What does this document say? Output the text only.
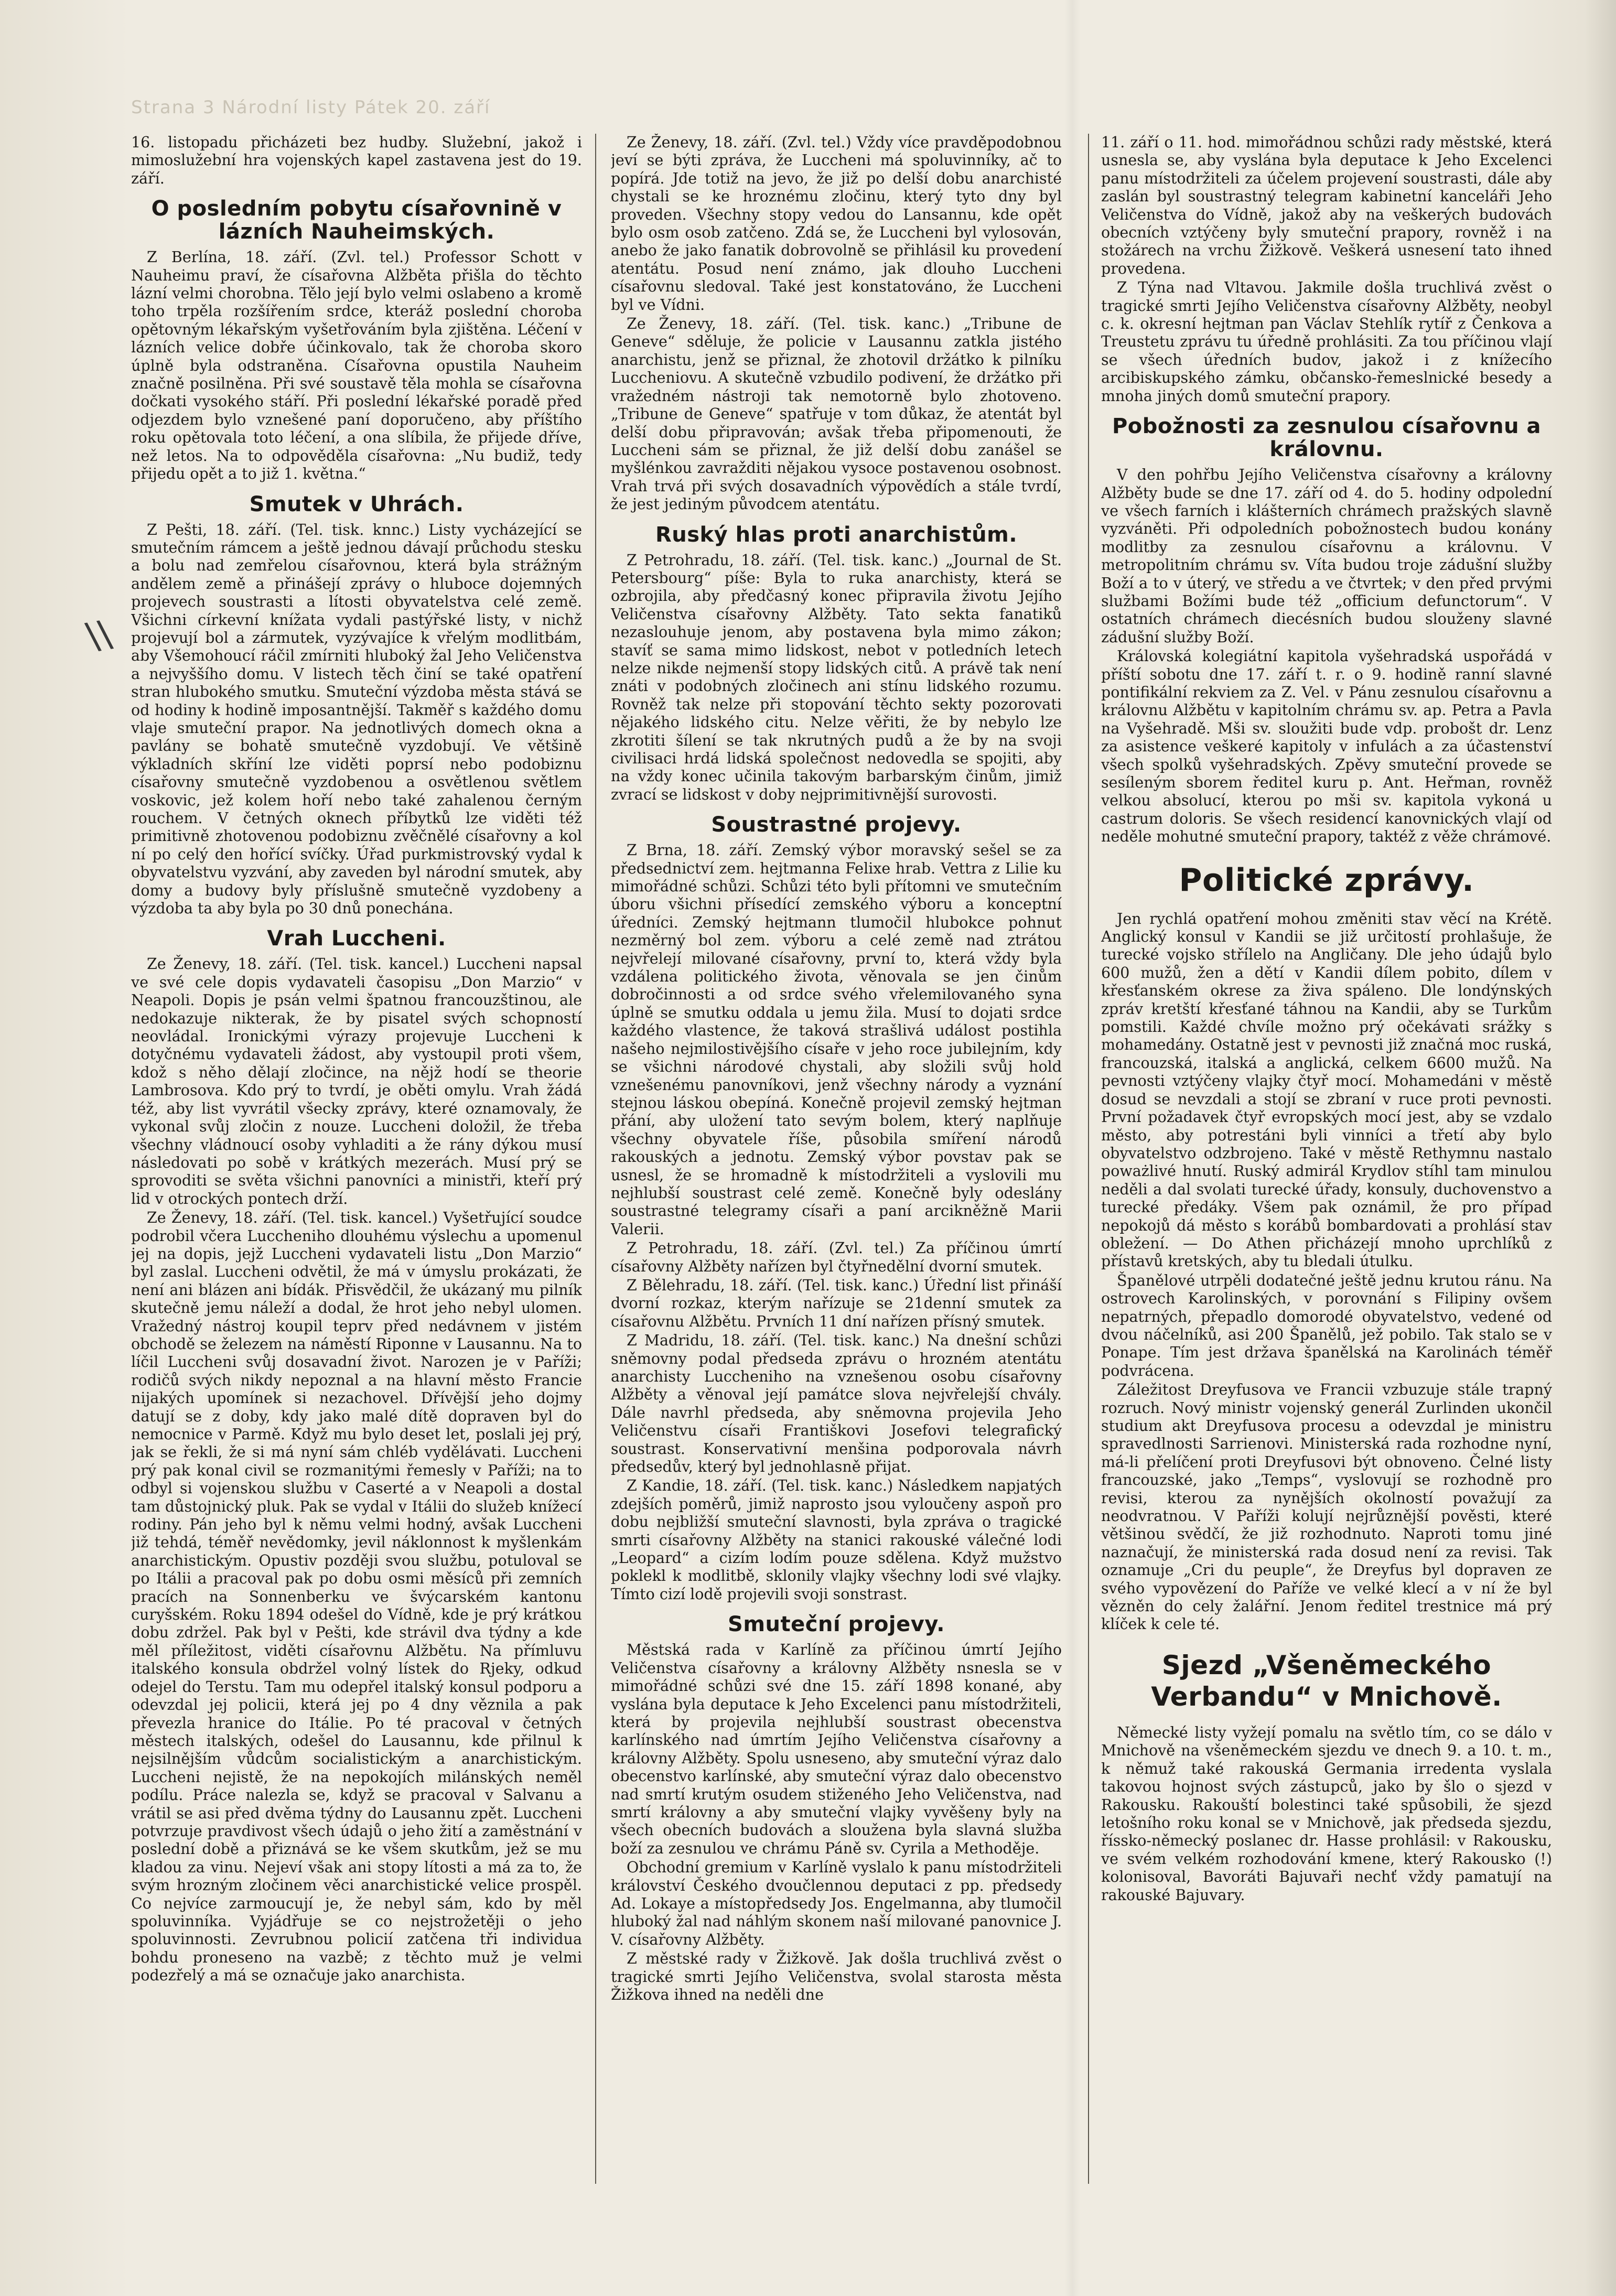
Strana 3 Národní listy Pátek 20. září
\\

16. listopadu přicházeti bez hudby. Služební, jakož i mimoslužební hra vojenských kapel zastavena jest do 19. září.

O posledním pobytu císařovnině v lázních Nauheimských.

Z Berlína, 18. září. (Zvl. tel.) Professor Schott v Nauheimu praví, že císařovna Alžběta přišla do těchto lázní velmi chorobna. Tělo její bylo velmi oslabeno a kromě toho trpěla rozšířením srdce, kteráž poslední choroba opětovným lékařským vyšetřováním byla zjištěna. Léčení v lázních velice dobře účinkovalo, tak že choroba skoro úplně byla odstraněna. Císařovna opustila Nauheim značně posilněna. Při své soustavě těla mohla se císařovna dočkati vysokého stáří. Při poslední lékařské poradě před odjezdem bylo vznešené paní doporučeno, aby příštího roku opětovala toto léčení, a ona slíbila, že přijede dříve, než letos. Na to odpověděla císařovna: „Nu budiž, tedy přijedu opět a to již 1. května.“

Smutek v Uhrách.

Z Pešti, 18. září. (Tel. tisk. knnc.) Listy vycházející se smutečním rámcem a ještě jednou dávají průchodu stesku a bolu nad zemřelou císařovnou, která byla strážným andělem země a přinášejí zprávy o hluboce dojemných projevech soustrasti a lítosti obyvatelstva celé země. Všichni církevní knížata vydali pastýřské listy, v nichž projevují bol a zármutek, vyzývajíce k vřelým modlitbám, aby Všemohoucí ráčil zmírniti hluboký žal Jeho Veličenstva a nejvyššího domu. V listech těch činí se také opatření stran hlubokého smutku. Smuteční výzdoba města stává se od hodiny k hodině imposantnější. Takměř s každého domu vlaje smuteční prapor. Na jednotlivých domech okna a pavlány se bohatě smutečně vyzdobují. Ve většině výkladních skříní lze viděti poprsí nebo podobiznu císařovny smutečně vyzdobenou a osvětlenou světlem voskovic, jež kolem hoří nebo také zahalenou černým rouchem. V četných oknech příbytků lze viděti též primitivně zhotovenou podobiznu zvěčnělé císařovny a kol ní po celý den hořící svíčky. Úřad purkmistrovský vydal k obyvatelstvu vyzvání, aby zaveden byl národní smutek, aby domy a budovy byly příslušně smutečně vyzdobeny a výzdoba ta aby byla po 30 dnů ponechána.

Vrah Luccheni.

Ze Ženevy, 18. září. (Tel. tisk. kancel.) Luccheni napsal ve své cele dopis vydavateli časopisu „Don Marzio“ v Neapoli. Dopis je psán velmi špatnou francouzštinou, ale nedokazuje nikterak, že by pisatel svých schopností neovládal. Ironickými výrazy projevuje Luccheni k dotyčnému vydavateli žádost, aby vystoupil proti všem, kdož s něho dělají zločince, na nějž hodí se theorie Lambrosova. Kdo prý to tvrdí, je oběti omylu. Vrah žádá též, aby list vyvrátil všecky zprávy, které oznamovaly, že vykonal svůj zločin z nouze. Luccheni doložil, že třeba všechny vládnoucí osoby vyhladiti a že rány dýkou musí následovati po sobě v krátkých mezerách. Musí prý se sprovoditi se světa všichni panovníci a ministři, kteří prý lid v otrockých pontech drží.

Ze Ženevy, 18. září. (Tel. tisk. kancel.) Vyšetřující soudce podrobil včera Lucchenihо dlouhému výslechu a upomenul jej na dopis, jejž Luccheni vydavateli listu „Don Marzio“ byl zaslal. Luccheni odvětil, že má v úmyslu prokázati, že není ani blázen ani bídák. Přisvědčil, že ukázaný mu pilník skutečně jemu náleží a dodal, že hrot jeho nebyl ulomen. Vražedný nástroj koupil teprv před nedávnem v jistém obchodě se železem na náměstí Riponne v Lausannu. Na to líčil Luccheni svůj dosavadní život. Narozen je v Paříži; rodičů svých nikdy nepoznal a na hlavní město Francie nijakých upomínek si nezachovel. Dřívější jeho dojmy datují se z doby, kdy jako malé dítě dopraven byl do nemocnice v Parmě. Když mu bylo deset let, poslali jej prý, jak se řekli, že si má nyní sám chléb vydělávati. Luccheni prý pak konal civil se rozmanitými řemesly v Paříži; na to odbyl si vojenskou službu v Caserté a v Neapoli a dostal tam důstojnický pluk. Pak se vydal v Itálii do služeb knížecí rodiny. Pán jeho byl k němu velmi hodný, avšak Luccheni již tehdá, téměř nevědomky, jevil náklonnost k myšlenkám anarchistickým. Opustiv později svou službu, potuloval se po Itálii a pracoval pak po dobu osmi měsíců při zemních pracích na Sonnenberku ve švýcarském kantonu curyšském. Roku 1894 odešel do Vídně, kde je prý krátkou dobu zdržel. Pak byl v Pešti, kde strávil dva týdny a kde měl příležitost, viděti císařovnu Alžbětu. Na přímluvu italského konsula obdržel volný lístek do Rjeky, odkud odejel do Terstu. Tam mu odepřel italský konsul podporu a odevzdal jej policii, která jej po 4 dny věznila a pak převezla hranice do Itálie. Po té pracoval v četných městech italských, odešel do Lausannu, kde přilnul k nejsilnějším vůdcům socialistickým a anarchistickým. Luccheni nejistě, že na nepokojích milánských neměl podílu. Práce nalezla se, když se pracoval v Salvanu a vrátil se asi před dvěma týdny do Lausannu zpět. Luccheni potvrzuje pravdivost všech údajů o jeho žití a zaměstnání v poslední době a přiznává se ke všem skutkům, jež se mu kladou za vinu. Nejeví však ani stopy lítosti a má za to, že svým hrozným zločinem věci anarchistické velice prospěl. Co nejvíce zarmoucují je, že nebyl sám, kdo by měl spoluvinníka. Vyjádřuje se co nejstrožetěji o jeho spoluvinnosti. Zevrubnou policií zatčena tři individua bohdu proneseno na vazbě; z těchto muž je velmi podezřelý a má se označuje jako anarchista.

Ze Ženevy, 18. září. (Zvl. tel.) Vždy více pravděpodobnou jeví se býti zpráva, že Luccheni má spoluvinníky, ač to popírá. Jde totiž na jevo, že již po delší dobu anarchisté chystali se ke hroznému zločinu, který tyto dny byl proveden. Všechny stopy vedou do Lansannu, kde opět bylo osm osob zatčeno. Zdá se, že Luccheni byl vylosován, anebo že jako fanatik dobrovolně se přihlásil ku provedení atentátu. Posud není známo, jak dlouho Luccheni císařovnu sledoval. Také jest konstatováno, že Luccheni byl ve Vídni.

Ze Ženevy, 18. září. (Tel. tisk. kanc.) „Tribune de Geneve“ sděluje, že policie v Lausannu zatkla jistého anarchistu, jenž se přiznal, že zhotovil držátko k pilníku Luccheniovu. A skutečně vzbudilo podivení, že držátko při vražedném nástroji tak nemotorně bylo zhotoveno. „Tribune de Geneve“ spatřuje v tom důkaz, že atentát byl delší dobu připravován; avšak třeba připomenouti, že Luccheni sám se přiznal, že již delší dobu zanášel se myšlénkou zavražditi nějakou vysoce postavenou osobnost. Vrah trvá při svých dosavadních výpovědích a stále tvrdí, že jest jediným původcem atentátu.

Ruský hlas proti anarchistům.

Z Petrohradu, 18. září. (Tel. tisk. kanc.) „Journal de St. Petersbourg“ píše: Byla to ruka anarchisty, která se ozbrojila, aby předčasný konec připravila životu Jejího Veličenstva císařovny Alžběty. Tato sekta fanatiků nezaslouhuje jenom, aby postavena byla mimo zákon; stavíť se sama mimo lidskost, nebot v potledních letech nelze nikde nejmenší stopy lidských citů. A právě tak není znáti v podobných zločinech ani stínu lidského rozumu. Rovněž tak nelze při stopování těchto sekty pozorovati nějakého lidského citu. Nelze věřiti, že by nebylo lze zkrotiti šílení se tak nkrutných pudů a že by na svoji civilisaci hrdá lidská společnost nedovedla se spojiti, aby na vždy konec učinila takovým barbarským činům, jimiž zvrací se lidskost v doby nejprimitivnější surovosti.

Soustrastné projevy.

Z Brna, 18. září. Zemský výbor moravský sešel se za předsednictví zem. hejtmanna Felixe hrab. Vettra z Lilie ku mimořádné schůzi. Schůzi této byli přítomni ve smutečním úboru všichni přísedící zemského výboru a konceptní úředníci. Zemský hejtmann tlumočil hlubokce pohnut nezměrný bol zem. výboru a celé země nad ztrátou nejvřelejí milované císařovny, první to, která vždy byla vzdálena politického života, věnovala se jen činům dobročinnosti a od srdce svého vřelemilovaného syna úplně se smutku oddala u jemu žila. Musí to dojati srdce každého vlastence, že taková strašlivá událost postihla našeho nejmilostivějšího císaře v jeho roce jubilejním, kdy se všichni národové chystali, aby složili svůj hold vznešenému panovníkovi, jenž všechny národy a vyznání stejnou láskou obepíná. Konečně projevil zemský hejtman přání, aby uložení tato sevým bolem, který naplňuje všechny obyvatele říše, působila smíření národů rakouských a jednotu. Zemský výbor povstav pak se usnesl, že se hromadně k místodržiteli a vyslovili mu nejhlubší soustrast celé země. Konečně byly odeslány soustrastné telegramy císaři a paní arcikněžně Marii Valerii.

Z Petrohradu, 18. září. (Zvl. tel.) Za příčinou úmrtí císařovny Alžběty nařízen byl čtyřnedělní dvorní smutek.

Z Bělehradu, 18. září. (Tel. tisk. kanc.) Úřední list přináší dvorní rozkaz, kterým nařízuje se 21denní smutek za císařovnu Alžbětu. Prvních 11 dní nařízen přísný smutek.

Z Madridu, 18. září. (Tel. tisk. kanc.) Na dnešní schůzi sněmovny podal předseda zprávu o hrozném atentátu anarchisty Lucchenihо na vznešenou osobu císařovny Alžběty a věnoval její památce slova nejvřelejší chvály. Dále navrhl předseda, aby sněmovna projevila Jeho Veličenstvu císaři Františkovi Josefovi telegrafický soustrast. Konservativní menšina podporovala návrh předsedův, který byl jednohlasně přijat.

Z Kandie, 18. září. (Tel. tisk. kanc.) Následkem napjatých zdejších poměrů, jimiž naprosto jsou vyloučeny aspoň pro dobu nejbližší smuteční slavnosti, byla zpráva o tragické smrti císařovny Alžběty na stanici rakouské válečné lodi „Leopard“ a cizím lodím pouze sdělena. Když mužstvo poklekl k modlitbě, sklonily vlajky všechny lodi své vlajky. Tímto cizí lodě projevili svoji sonstrast.

Smuteční projevy.

Městská rada v Karlíně za příčinou úmrtí Jejího Veličenstva císařovny a královny Alžběty nsnesla se v mimořádné schůzi své dne 15. září 1898 konané, aby vyslána byla deputace k Jeho Excelenci panu místodržiteli, která by projevila nejhlubší soustrast obecenstva karlínského nad úmrtím Jejího Veličenstva císařovny a královny Alžběty. Spolu usneseno, aby smuteční výraz dalo obecenstvo karlínské, aby smuteční výraz dalo obecenstvo nad smrtí krutým osudem stiženého Jeho Veličenstva, nad smrtí královny a aby smuteční vlajky vyvěšeny byly na všech obecních budovách a sloužena byla slavná služba boží za zesnulou ve chrámu Páně sv. Cyrila a Methoděje.

Obchodní gremium v Karlíně vyslalo k panu místodržiteli království Českého dvoučlennou deputaci z pp. předsedy Ad. Lokaye a místopředsedy Jos. Engelmanna, aby tlumočil hluboký žal nad náhlým skonem naší milované panovnice J. V. císařovny Alžběty.

Z městské rady v Žižkově. Jak došla truchlivá zvěst o tragické smrti Jejího Veličenstva, svolal starosta města Žižkova ihned na neděli dne

11. září o 11. hod. mimořádnou schůzi rady městské, která usnesla se, aby vyslána byla deputace k Jeho Excelenci panu místodržiteli za účelem projevení soustrasti, dále aby zaslán byl soustrastný telegram kabinetní kanceláři Jeho Veličenstva do Vídně, jakož aby na veškerých budovách obecních vztýčeny byly smuteční prapory, rovněž i na stožárech na vrchu Žižkově. Veškerá usnesení tato ihned provedena.

Z Týna nad Vltavou. Jakmile došla truchlivá zvěst o tragické smrti Jejího Veličenstva císařovny Alžběty, neobyl c. k. okresní hejtman pan Václav Stehlík rytíř z Čenkova a Treustetu zprávu tu úředně prohlásiti. Za tou příčinou vlají se všech úředních budov, jakož i z knížecího arcibiskupského zámku, občansko-řemeslnické besedy a mnoha jiných domů smuteční prapory.

Pobožnosti za zesnulou císařovnu a královnu.

V den pohřbu Jejího Veličenstva císařovny a královny Alžběty bude se dne 17. září od 4. do 5. hodiny odpolední ve všech farních i klášterních chrámech pražských slavně vyzváněti. Při odpoledních pobožnostech budou konány modlitby za zesnulou císařovnu a královnu. V metropolitním chrámu sv. Víta budou troje zádušní služby Boží a to v úterý, ve středu a ve čtvrtek; v den před prvými službami Božími bude též „officium defunctorum“. V ostatních chrámech diecésních budou slouženy slavné zádušní služby Boží.

Královská kolegiátní kapitola vyšehradská uspořádá v příští sobotu dne 17. září t. r. o 9. hodině ranní slavné pontifikální rekviem za Z. Vel. v Pánu zesnulou císařovnu a královnu Alžbětu v kapitolním chrámu sv. ap. Petra a Pavla na Vyšehradě. Mši sv. sloužiti bude vdp. probošt dr. Lenz za asistence veškeré kapitoly v infulách a za účastenství všech spolků vyšehradských. Zpěvy smuteční provede se sesíleným sborem ředitel kuru p. Ant. Heřman, rovněž velkou absolucí, kterou po mši sv. kapitola vykoná u castrum doloris. Se všech residencí kanovnických vlají od nedělе mohutné smuteční prapory, taktéž z věže chrámové.

Politické zprávy.

Jen rychlá opatření mohou změniti stav věcí na Krétě. Anglický konsul v Kandii se již určitostí prohlašuje, že turecké vojsko střílelo na Angličany. Dle jeho údajů bylo 600 mužů, žen a dětí v Kandii dílem pobito, dílem v křesťanském okrese za živa spáleno. Dle londýnských zpráv kretští křesťané táhnou na Kandii, aby se Turkům pomstili. Každé chvíle možno prý očekávati srážky s mohamedány. Ostatně jest v pevnosti již značná moc ruská, francouzská, italská a anglická, celkem 6600 mužů. Na pevnosti vztýčeny vlajky čtyř mocí. Mohamedáni v městě dosud se nevzdali a stojí se zbraní v ruce proti pevnosti. První požadavek čtyř evropských mocí jest, aby se vzdalo město, aby potrestáni byli vinníci a třetí aby bylo obyvatelstvo odzbrojeno. Také v městě Rethymnu nastalo poważlivé hnutí. Ruský admirál Krydlov stíhl tam minulou neděli a dal svolati turecké úřady, konsuly, duchovenstvo a turecké předáky. Všem pak oznámil, že pro případ nepokojů dá město s korábů bombardovati a prohlásí stav obležení. — Do Athen přicházejí mnoho uprchlíků z přístavů kretských, aby tu bledali útulku.

Španělové utrpěli dodatečné ještě jednu krutou ránu. Na ostrovech Karolinských, v porovnání s Filipiny ovšem nepatrných, přepadlo domorodé obyvatelstvo, vedené od dvou náčelníků, asi 200 Španělů, jež pobilo. Tak stalo se v Ponape. Tím jest državа španělská na Karolinách téměř podvrácena.

Záležitost Dreyfusova ve Francii vzbuzuje stále trapný rozruch. Nový ministr vojenský generál Zurlinden ukončil studium akt Dreyfusova procesu a odevzdal je ministru spravedlnosti Sarrienovi. Ministerská rada rozhodne nyní, má-li přelíčení proti Dreyfusovi být obnoveno. Čelné listy francouzské, jako „Temps“, vyslovují se rozhodně pro revisi, kterou za nynějších okolností považují za neodvratnou. V Paříži kolují nejrůznější pověsti, které většinou svědčí, že již rozhodnuto. Naproti tomu jiné naznačují, že ministerská rada dosud není za revisi. Tak oznamuje „Cri du peuple“, že Dreyfus byl dopraven ze svého vypovězení do Paříže ve velké klecí a v ní že byl vězněn do cely žalářní. Jenom ředitel trestnice má prý klíček k cele té.

Sjezd „Všeněmeckého Verbandu“ v Mnichově.

Německé listy vyžejí pomalu na světlo tím, co se dálo v Mnichově na všeněmeckém sjezdu ve dnech 9. a 10. t. m., k němuž také rakouská Germania irredenta vyslala takovou hojnost svých zástupců, jako by šlo o sjezd v Rakousku. Rakouští bolestinci také spůsobili, že sjezd letošního roku konal se v Mnichově, jak předseda sjezdu, říssko-německý poslanec dr. Hasse prohlásil: v Rakousku, ve svém velkém rozhodování kmene, který Rakousko (!) kolonisoval, Bavoráti Bajuvaři nechť vždy pamatují na rakouské Bajuvary.
